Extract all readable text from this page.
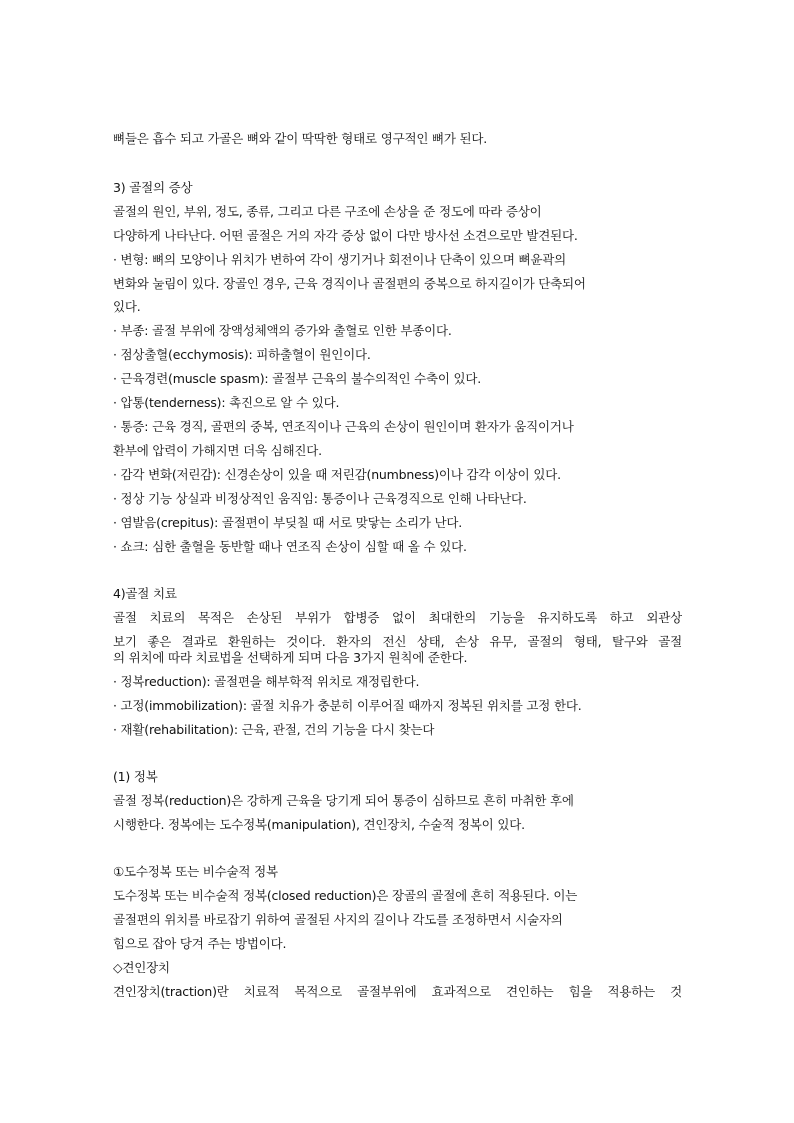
뼈들은 흡수 되고 가골은 뼈와 같이 딱딱한 형태로 영구적인 뼈가 된다.
3) 골절의 증상
골절의 원인, 부위, 정도, 종류, 그리고 다른 구조에 손상을 준 정도에 따라 증상이
다양하게 나타난다. 어떤 골절은 거의 자각 증상 없이 다만 방사선 소견으로만 발견된다.
· 변형: 뼈의 모양이나 위치가 변하여 각이 생기거나 회전이나 단축이 있으며 뼈윤곽의
변화와 눌림이 있다. 장골인 경우, 근육 경직이나 골절편의 중복으로 하지길이가 단축되어
있다.
· 부종: 골절 부위에 장액성체액의 증가와 출혈로 인한 부종이다.
· 점상출혈(ecchymosis): 피하출혈이 원인이다.
· 근육경련(muscle spasm): 골절부 근육의 불수의적인 수축이 있다.
· 압통(tenderness): 촉진으로 알 수 있다.
· 통증: 근육 경직, 골편의 중복, 연조직이나 근육의 손상이 원인이며 환자가 움직이거나
환부에 압력이 가해지면 더욱 심해진다.
· 감각 변화(저린감): 신경손상이 있을 때 저린감(numbness)이나 감각 이상이 있다.
· 정상 기능 상실과 비정상적인 움직임: 통증이나 근육경직으로 인해 나타난다.
· 염발음(crepitus): 골절편이 부딪칠 때 서로 맞닿는 소리가 난다.
· 쇼크: 심한 출혈을 동반할 때나 연조직 손상이 심할 때 올 수 있다.
4)골절 치료
골절 치료의 목적은 손상된 부위가 합병증 없이 최대한의 기능을 유지하도록 하고 외관상
보기 좋은 결과로 환원하는 것이다. 환자의 전신 상태, 손상 유무, 골절의 형태, 탈구와 골절
의 위치에 따라 치료법을 선택하게 되며 다음 3가지 원칙에 준한다.
· 정복reduction): 골절편을 해부학적 위치로 재정립한다.
· 고정(immobilization): 골절 치유가 충분히 이루어질 때까지 정복된 위치를 고정 한다.
· 재활(rehabilitation): 근육, 관절, 건의 기능을 다시 찾는다
(1) 정복
골절 정복(reduction)은 강하게 근육을 당기게 되어 통증이 심하므로 흔히 마취한 후에
시행한다. 정복에는 도수정복(manipulation), 견인장치, 수술적 정복이 있다.
①도수정복 또는 비수술적 정복
도수정복 또는 비수술적 정복(closed reduction)은 장골의 골절에 흔히 적용된다. 이는
골절편의 위치를 바로잡기 위하여 골절된 사지의 길이나 각도를 조정하면서 시술자의
힘으로 잡아 당겨 주는 방법이다.
◇견인장치
견인장치(traction)란 치료적 목적으로 골절부위에 효과적으로 견인하는 힘을 적용하는 것
